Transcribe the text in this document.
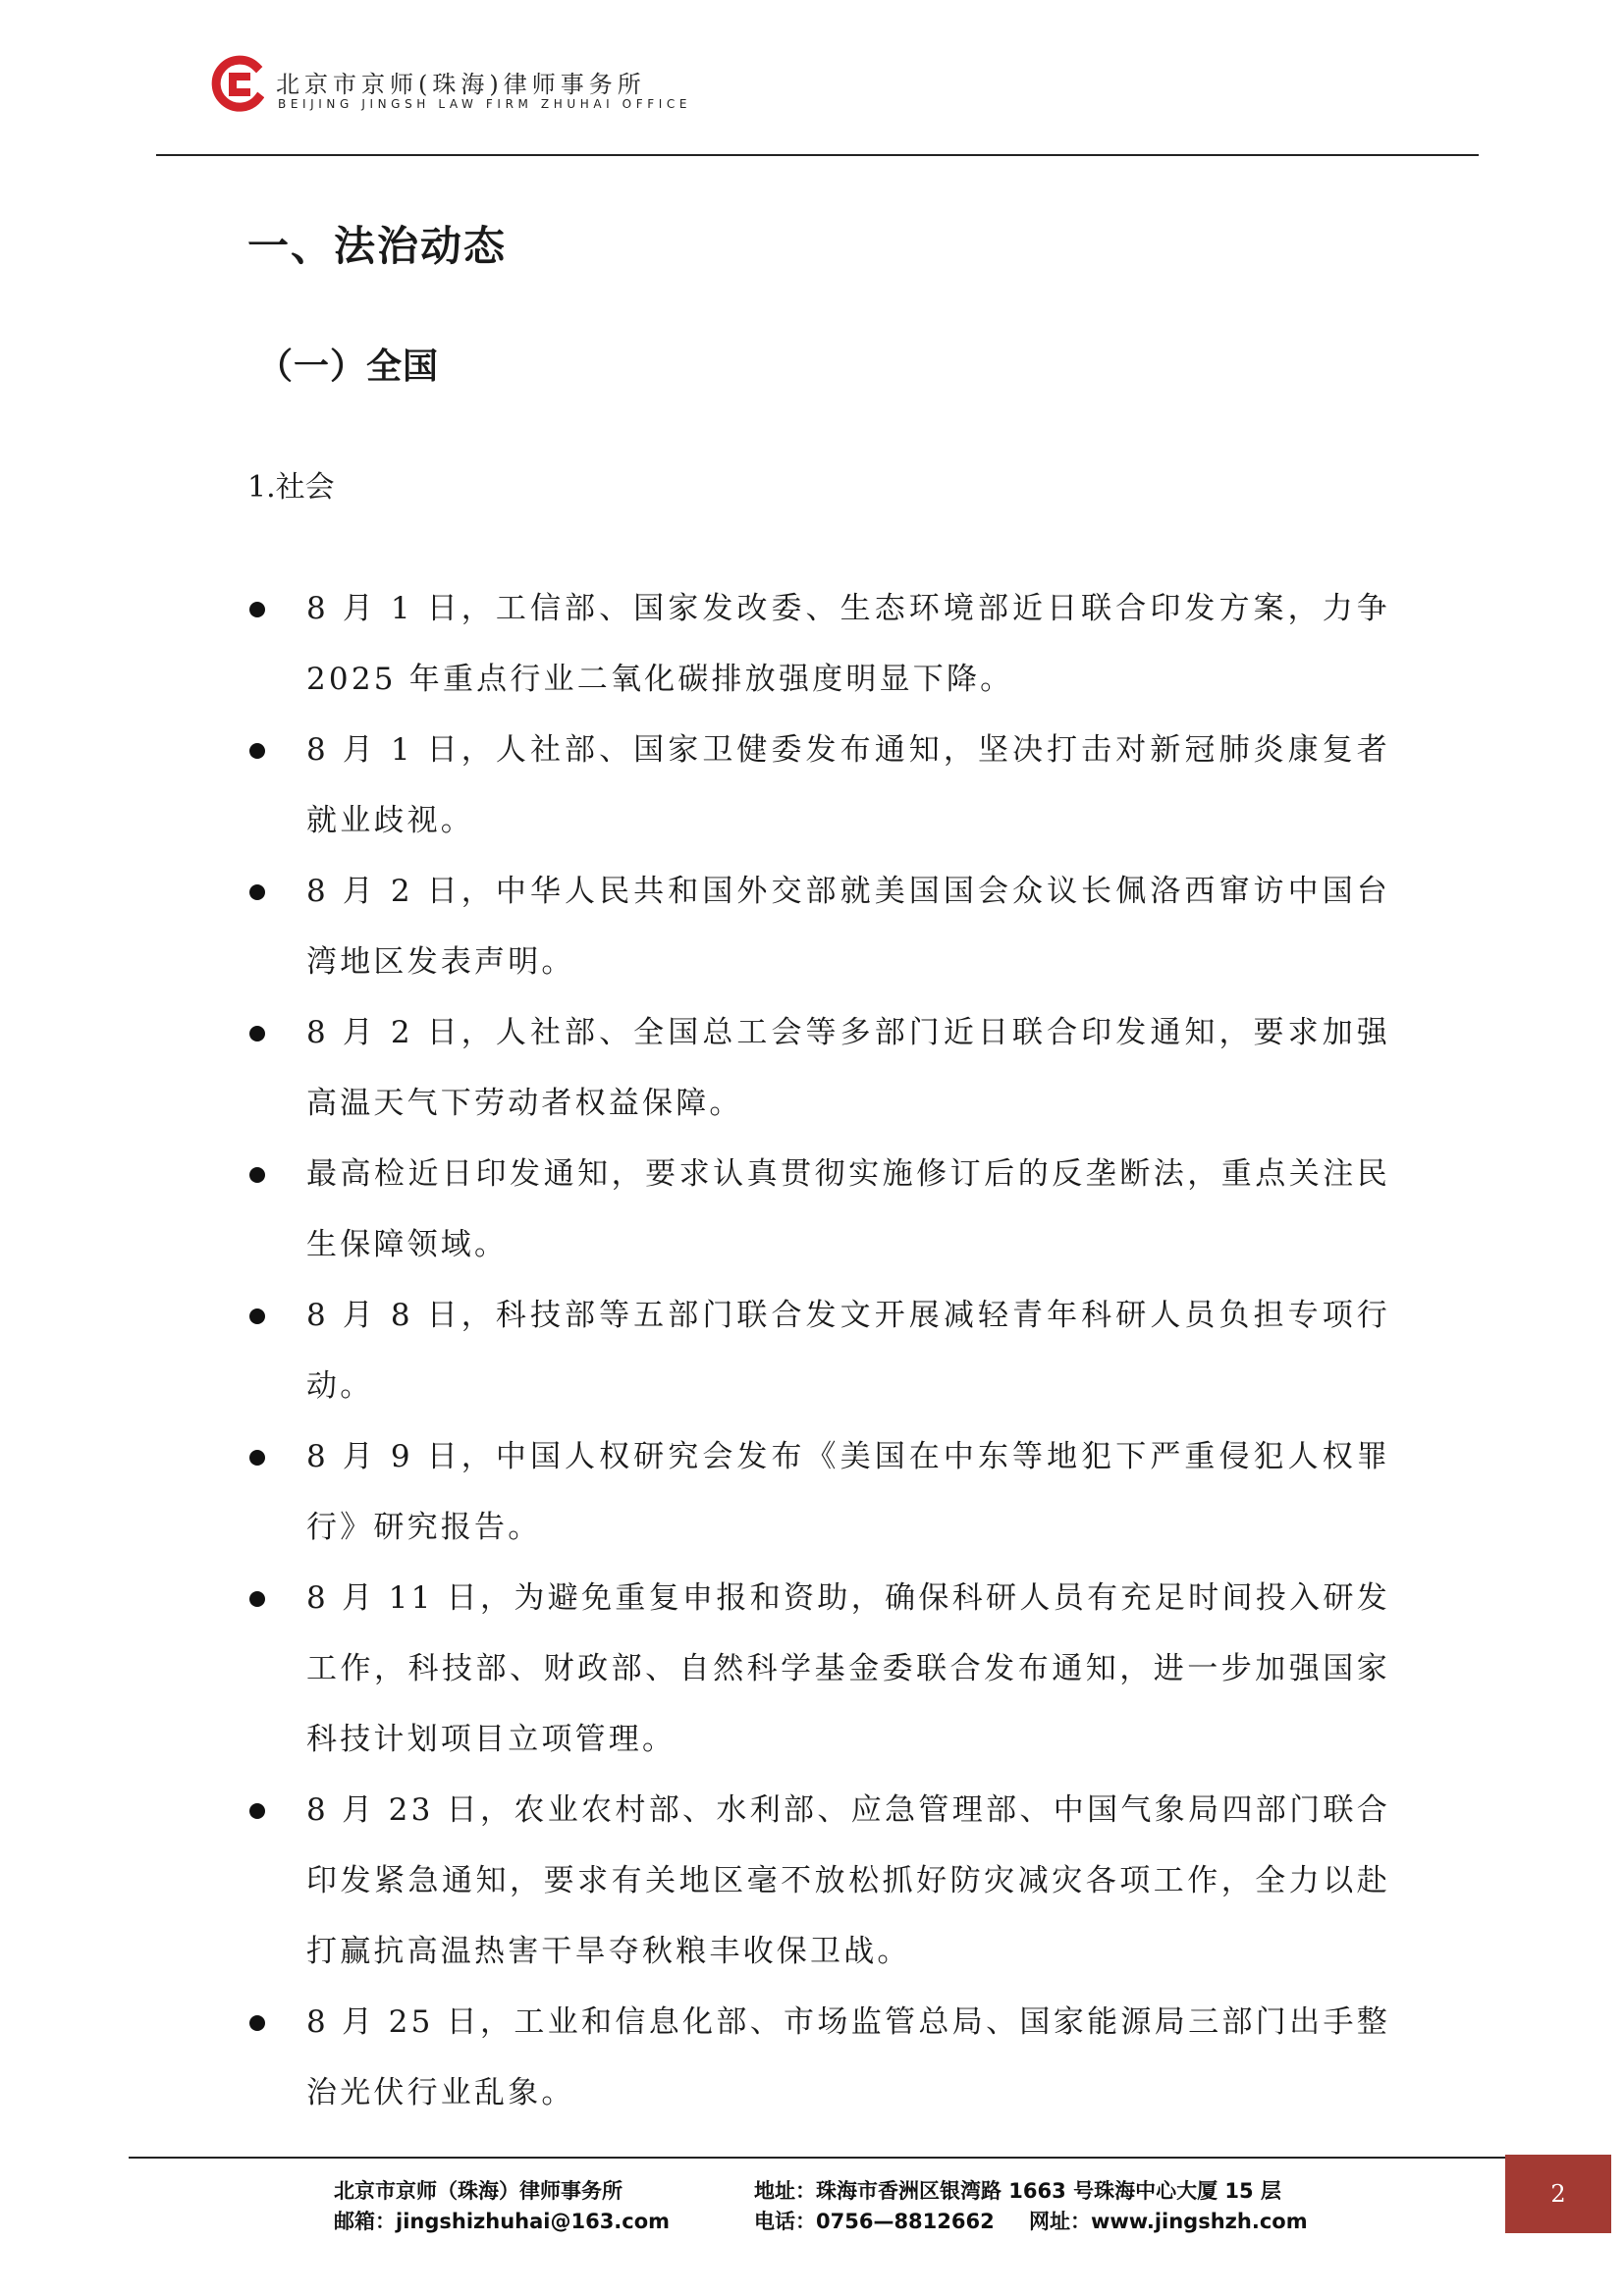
北京市京师(珠海)律师事务所
BEIJING JINGSH LAW FIRM ZHUHAI OFFICE
一、法治动态
（一）全国
1.社会
8 月 1 日，工信部、国家发改委、生态环境部近日联合印发方案，力争 2025 年重点行业二氧化碳排放强度明显下降。
8 月 1 日，人社部、国家卫健委发布通知，坚决打击对新冠肺炎康复者就业歧视。
8 月 2 日，中华人民共和国外交部就美国国会众议长佩洛西窜访中国台湾地区发表声明。
8 月 2 日，人社部、全国总工会等多部门近日联合印发通知，要求加强高温天气下劳动者权益保障。
最高检近日印发通知，要求认真贯彻实施修订后的反垄断法，重点关注民生保障领域。
8 月 8 日，科技部等五部门联合发文开展减轻青年科研人员负担专项行动。
8 月 9 日，中国人权研究会发布《美国在中东等地犯下严重侵犯人权罪行》研究报告。
8 月 11 日，为避免重复申报和资助，确保科研人员有充足时间投入研发工作，科技部、财政部、自然科学基金委联合发布通知，进一步加强国家科技计划项目立项管理。
8 月 23 日，农业农村部、水利部、应急管理部、中国气象局四部门联合印发紧急通知，要求有关地区毫不放松抓好防灾减灾各项工作，全力以赴打赢抗高温热害干旱夺秋粮丰收保卫战。
8 月 25 日，工业和信息化部、市场监管总局、国家能源局三部门出手整治光伏行业乱象。
北京市京师（珠海）律师事务所
邮箱：jingshizhuhai@163.com
地址：珠海市香洲区银湾路 1663 号珠海中心大厦 15 层
电话：0756—8812662 网址：www.jingshzh.com
2
